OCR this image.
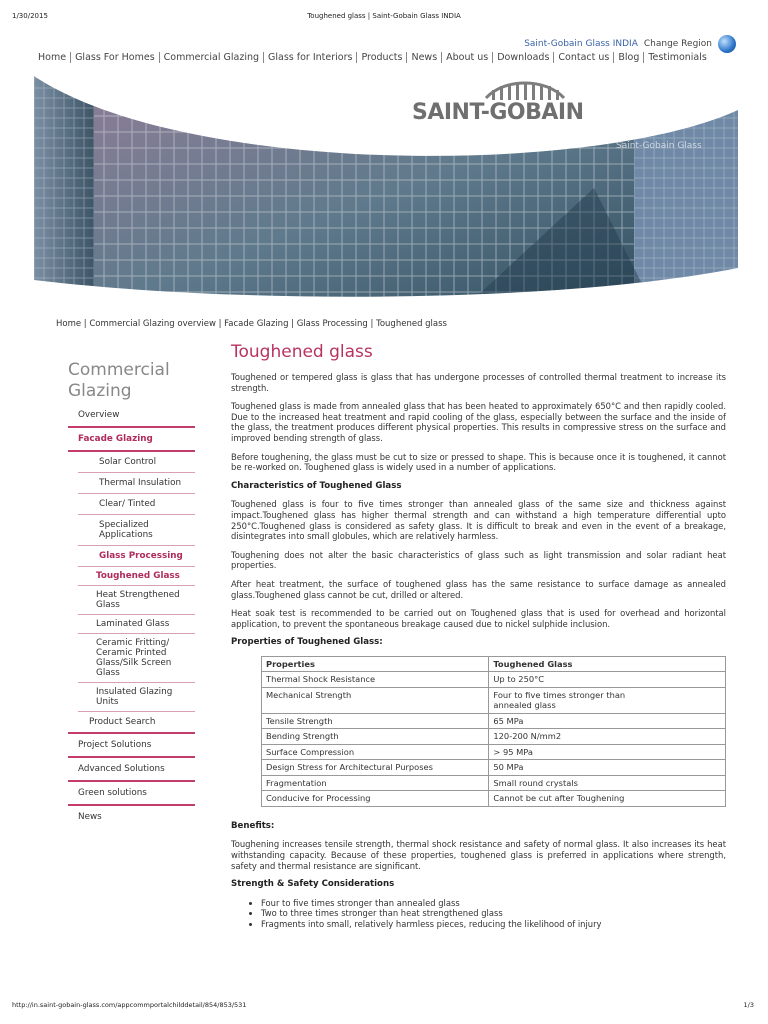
1/30/2015	Toughened glass | Saint-Gobain Glass INDIA
Saint-Gobain Glass INDIA Change Region
Home Glass For Homes Commercial Glazing Glass for Interiors Products News About us Downloads Contact us Blog Testimonials
SAINT-GOBAIN
Saint-Gobain Glass
Home | Commercial Glazing overview | Facade Glazing | Glass Processing | Toughened glass
Commercial Glazing
Overview
Facade Glazing
Solar Control
Thermal Insulation
Clear/ Tinted
Specialized Applications
Glass Processing
Toughened Glass
Heat Strengthened Glass
Laminated Glass
Ceramic Fritting/ Ceramic Printed Glass/Silk Screen Glass
Insulated Glazing Units
Product Search
Project Solutions
Advanced Solutions
Green solutions
News
Toughened glass

Toughened or tempered glass is glass that has undergone processes of controlled thermal treatment to increase its strength.

Toughened glass is made from annealed glass that has been heated to approximately 650°C and then rapidly cooled. Due to the increased heat treatment and rapid cooling of the glass, especially between the surface and the inside of the glass, the treatment produces different physical properties. This results in compressive stress on the surface and improved bending strength of glass.

Before toughening, the glass must be cut to size or pressed to shape. This is because once it is toughened, it cannot be re-worked on. Toughened glass is widely used in a number of applications.

Characteristics of Toughened Glass

Toughened glass is four to five times stronger than annealed glass of the same size and thickness against impact.Toughened glass has higher thermal strength and can withstand a high temperature differential upto 250°C.Toughened glass is considered as safety glass. It is difficult to break and even in the event of a breakage, disintegrates into small globules, which are relatively harmless.

Toughening does not alter the basic characteristics of glass such as light transmission and solar radiant heat properties.

After heat treatment, the surface of toughened glass has the same resistance to surface damage as annealed glass.Toughened glass cannot be cut, drilled or altered.

Heat soak test is recommended to be carried out on Toughened glass that is used for overhead and horizontal application, to prevent the spontaneous breakage caused due to nickel sulphide inclusion.

Properties of Toughened Glass:
Properties	Toughened Glass
Thermal Shock Resistance	Up to 250°C
Mechanical Strength	Four to five times stronger than annealed glass
Tensile Strength	65 MPa
Bending Strength	120-200 N/mm2
Surface Compression	> 95 MPa
Design Stress for Architectural Purposes	50 MPa
Fragmentation	Small round crystals
Conducive for Processing	Cannot be cut after Toughening
Benefits:

Toughening increases tensile strength, thermal shock resistance and safety of normal glass. It also increases its heat withstanding capacity. Because of these properties, toughened glass is preferred in applications where strength, safety and thermal resistance are significant.

Strength & Safety Considerations
• Four to five times stronger than annealed glass
• Two to three times stronger than heat strengthened glass
• Fragments into small, relatively harmless pieces, reducing the likelihood of injury
http://in.saint-gobain-glass.com/appcommportalchilddetail/854/853/531	1/3
